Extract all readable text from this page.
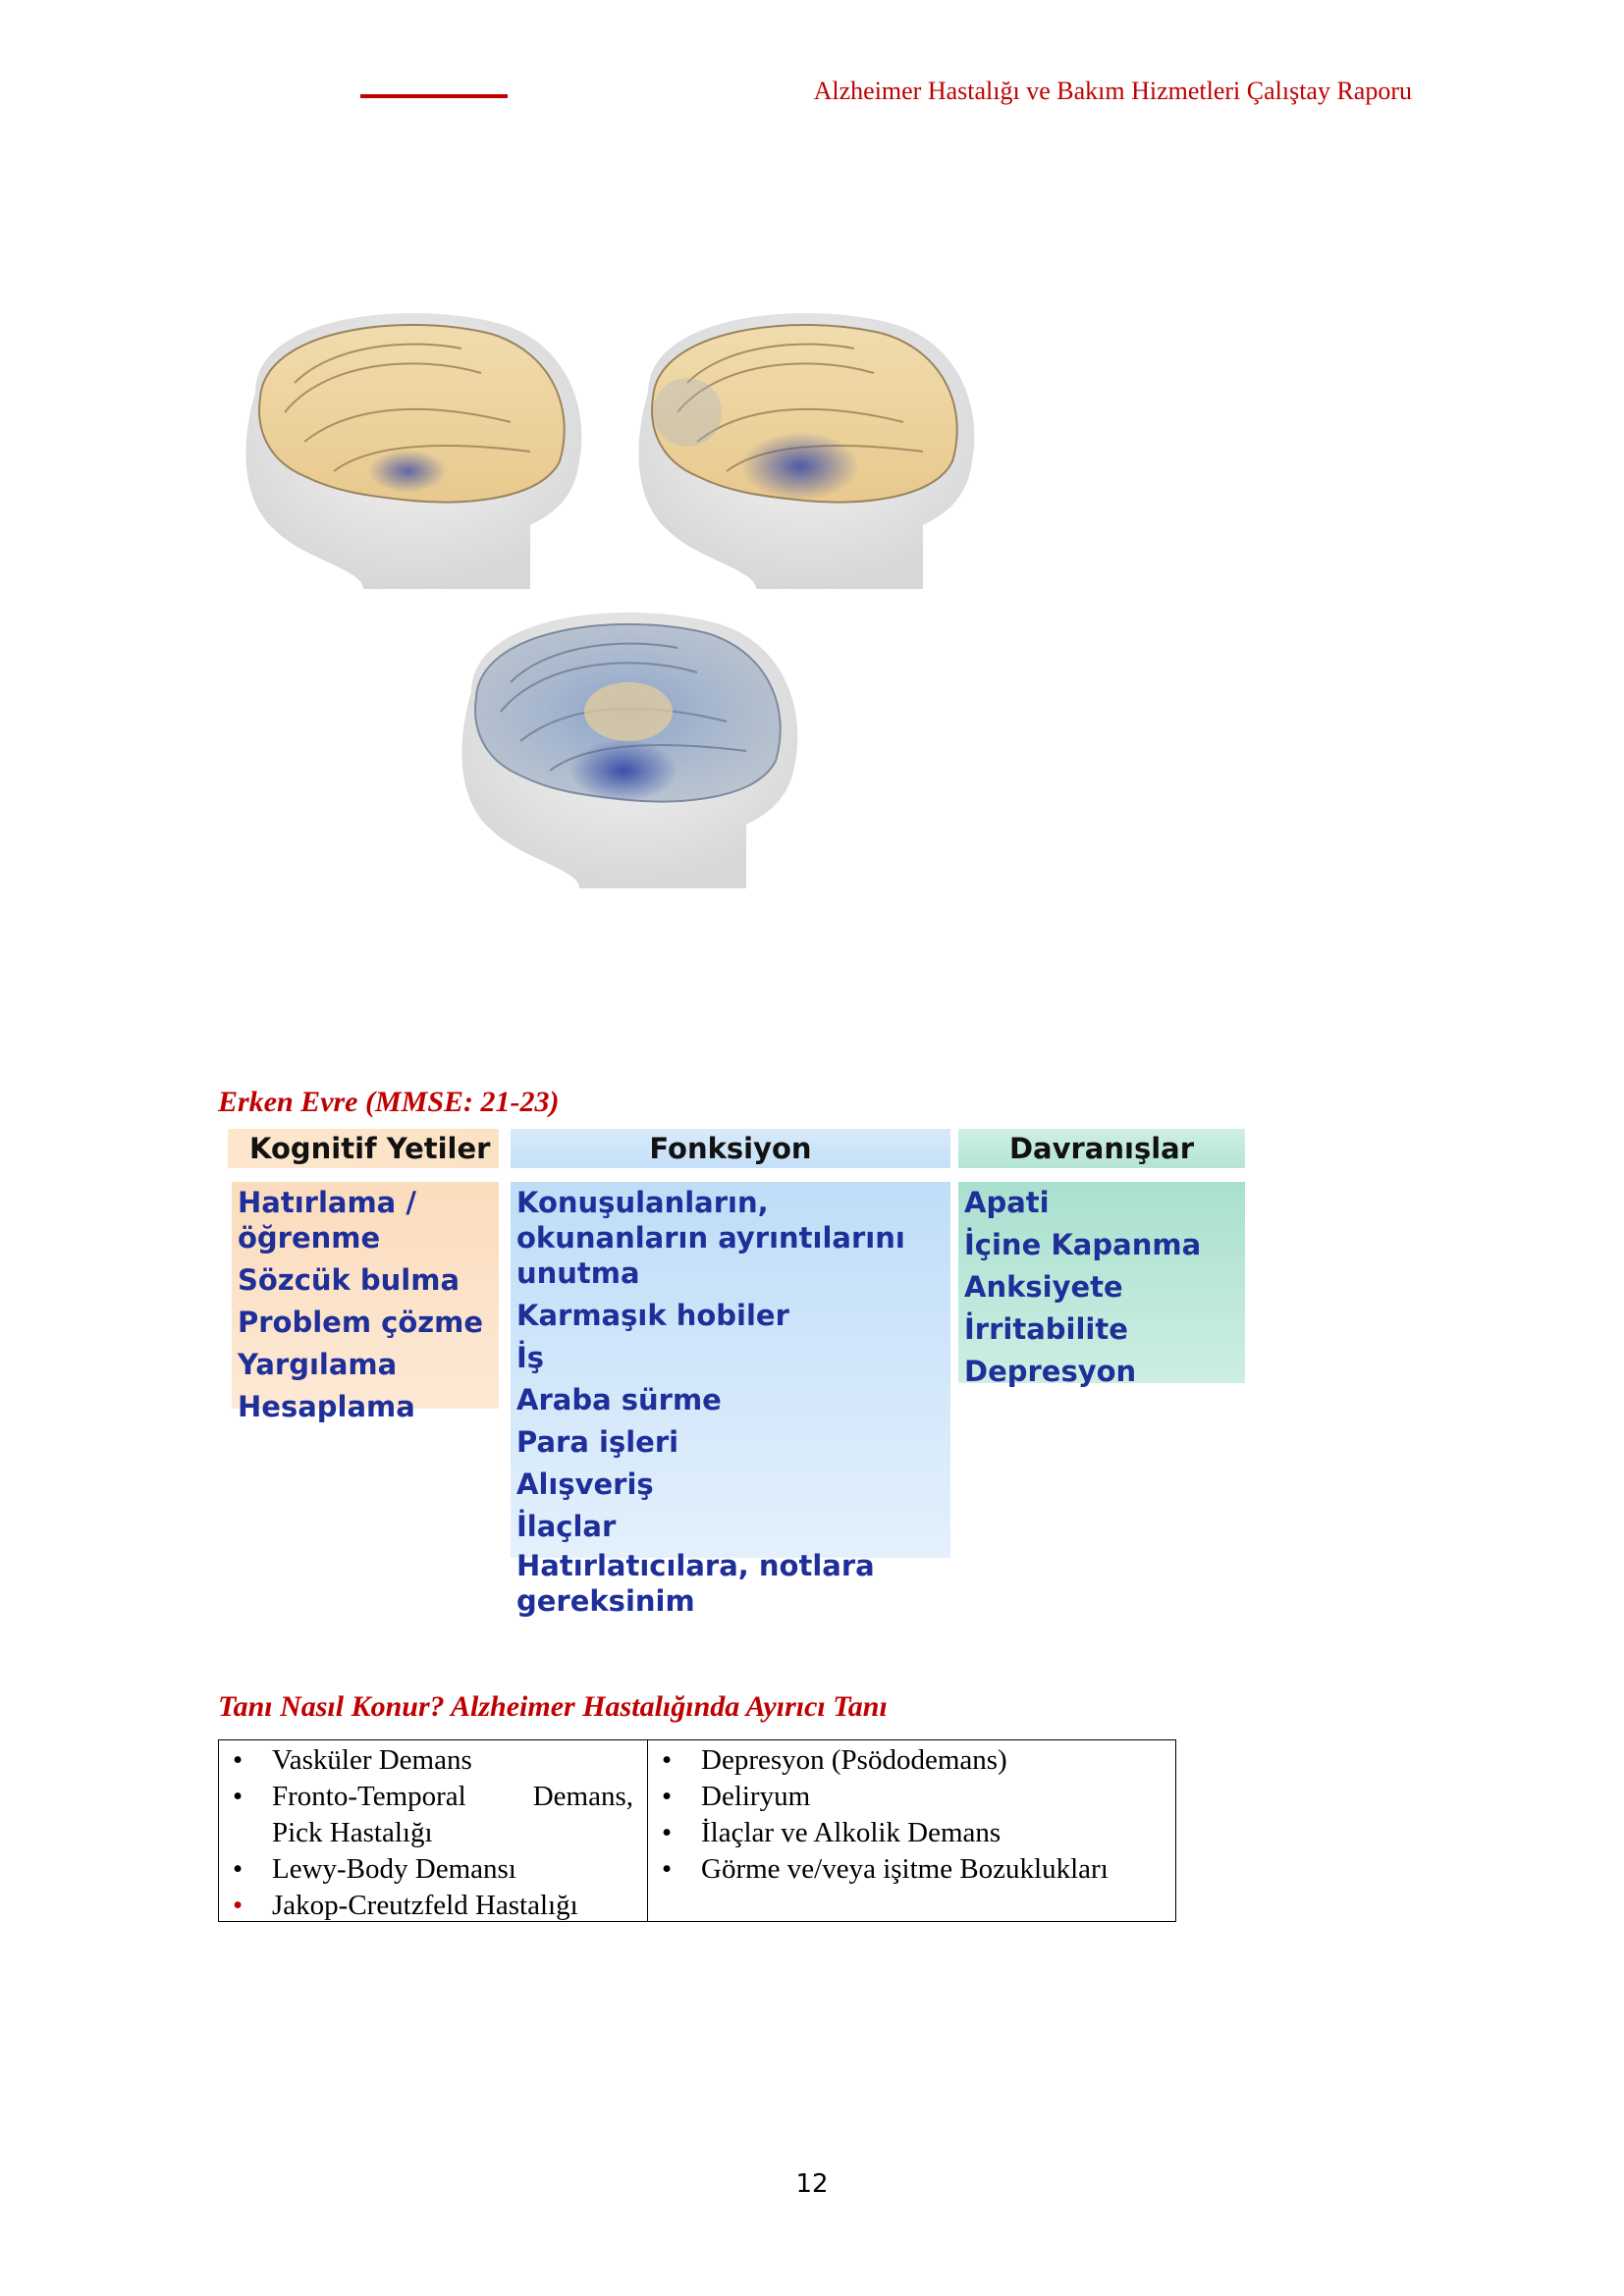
Alzheimer Hastalığı ve Bakım Hizmetleri Çalıştay Raporu
Erken Evre (MMSE: 21-23)
Kognitif Yetiler	Fonksiyon	Davranışlar
Hatırlama /
öğrenme
Sözcük bulma
Problem çözme
Yargılama
Hesaplama
Konuşulanların,
okunanların ayrıntılarını
unutma
Karmaşık hobiler
İş
Araba sürme
Para işleri
Alışveriş
İlaçlar
Hatırlatıcılara, notlara
gereksinim
Apati
İçine Kapanma
Anksiyete
İrritabilite
Depresyon
Tanı Nasıl Konur? Alzheimer Hastalığında Ayırıcı Tanı
• Vasküler Demans
• Fronto-Temporal Demans,
Pick Hastalığı
• Lewy-Body Demansı
• Jakop-Creutzfeld Hastalığı
• Depresyon (Psödodemans)
• Deliryum
• İlaçlar ve Alkolik Demans
• Görme ve/veya işitme Bozuklukları
12
